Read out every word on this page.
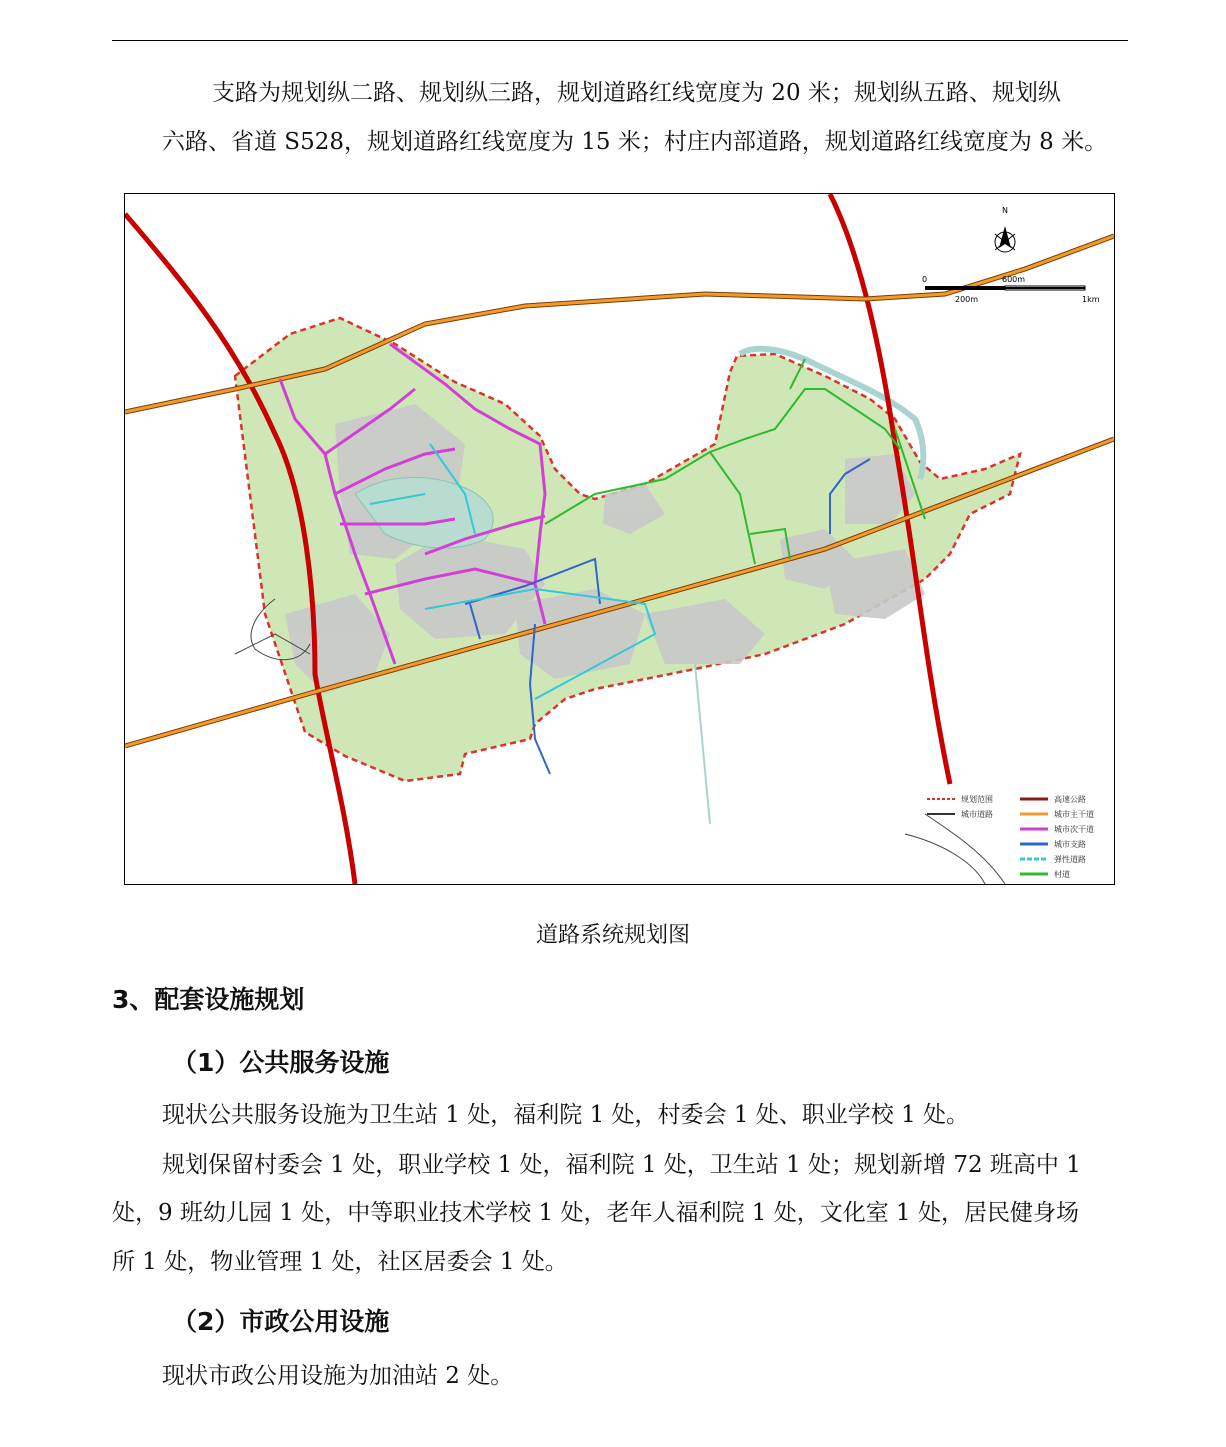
支路为规划纵二路、规划纵三路，规划道路红线宽度为 20 米；规划纵五路、规划纵
六路、省道 S528，规划道路红线宽度为 15 米；村庄内部道路，规划道路红线宽度为 8 米。
N
0
200m
600m
1km
规划范围
城市道路
高速公路
城市主干道
城市次干道
城市支路
弹性道路
村道
道路系统规划图
3、配套设施规划
（1）公共服务设施
现状公共服务设施为卫生站 1 处，福利院 1 处，村委会 1 处、职业学校 1 处。
规划保留村委会 1 处，职业学校 1 处，福利院 1 处，卫生站 1 处；规划新增 72 班高中 1
处，9 班幼儿园 1 处，中等职业技术学校 1 处，老年人福利院 1 处，文化室 1 处，居民健身场
所 1 处，物业管理 1 处，社区居委会 1 处。
（2）市政公用设施
现状市政公用设施为加油站 2 处。
